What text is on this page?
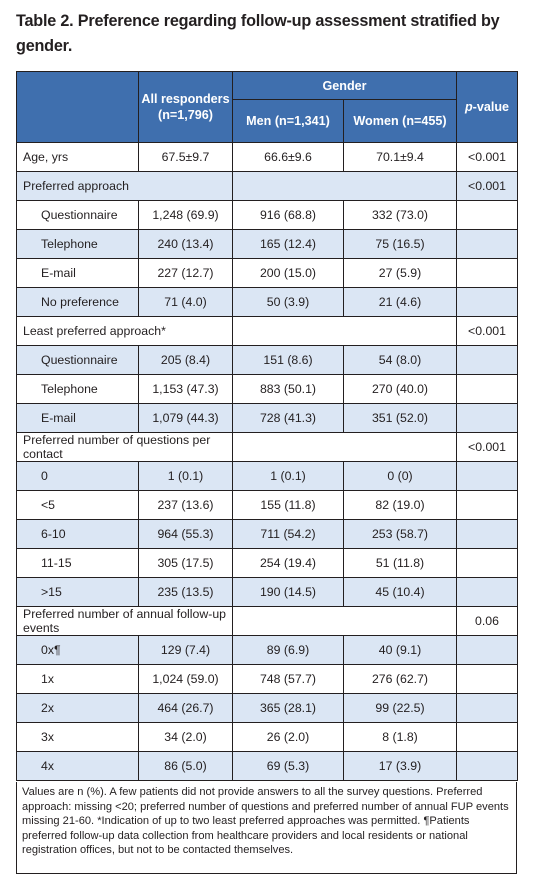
Table 2. Preference regarding follow-up assessment stratified by gender.
	All responders (n=1,796)	Gender		p-value
		Men (n=1,341)	Women (n=455)	
Age, yrs	67.5±9.7	66.6±9.6	70.1±9.4	<0.001
Preferred approach				<0.001
Questionnaire	1,248 (69.9)	916 (68.8)	332 (73.0)	
Telephone	240 (13.4)	165 (12.4)	75 (16.5)	
E-mail	227 (12.7)	200 (15.0)	27 (5.9)	
No preference	71 (4.0)	50 (3.9)	21 (4.6)	
Least preferred approach*				<0.001
Questionnaire	205 (8.4)	151 (8.6)	54 (8.0)	
Telephone	1,153 (47.3)	883 (50.1)	270 (40.0)	
E-mail	1,079 (44.3)	728 (41.3)	351 (52.0)	
Preferred number of questions per contact				<0.001
0	1 (0.1)	1 (0.1)	0 (0)	
<5	237 (13.6)	155 (11.8)	82 (19.0)	
6-10	964 (55.3)	711 (54.2)	253 (58.7)	
11-15	305 (17.5)	254 (19.4)	51 (11.8)	
>15	235 (13.5)	190 (14.5)	45 (10.4)	
Preferred number of annual follow-up events				0.06
0x¶	129 (7.4)	89 (6.9)	40 (9.1)	
1x	1,024 (59.0)	748 (57.7)	276 (62.7)	
2x	464 (26.7)	365 (28.1)	99 (22.5)	
3x	34 (2.0)	26 (2.0)	8 (1.8)	
4x	86 (5.0)	69 (5.3)	17 (3.9)	
Values are n (%). A few patients did not provide answers to all the survey questions. Preferred approach: missing <20; preferred number of questions and preferred number of annual FUP events missing 21-60. *Indication of up to two least preferred approaches was permitted. ¶Patients preferred follow-up data collection from healthcare providers and local residents or national registration offices, but not to be contacted themselves.
